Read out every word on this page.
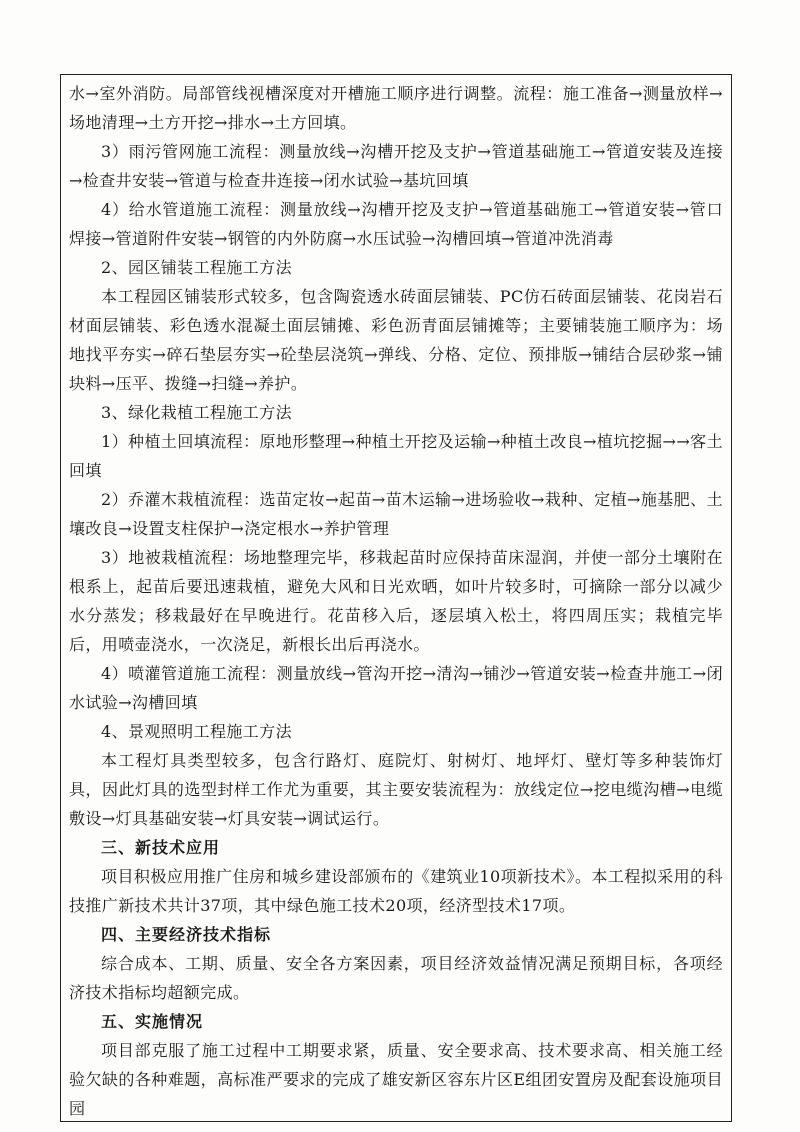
水→室外消防。局部管线视槽深度对开槽施工顺序进行调整。流程：施工准备→测量放样→场地清理→土方开挖→排水→土方回填。

3）雨污管网施工流程：测量放线→沟槽开挖及支护→管道基础施工→管道安装及连接→检查井安装→管道与检查井连接→闭水试验→基坑回填

4）给水管道施工流程：测量放线→沟槽开挖及支护→管道基础施工→管道安装→管口焊接→管道附件安装→钢管的内外防腐→水压试验→沟槽回填→管道冲洗消毒

2、园区铺装工程施工方法

本工程园区铺装形式较多，包含陶瓷透水砖面层铺装、PC仿石砖面层铺装、花岗岩石材面层铺装、彩色透水混凝土面层铺摊、彩色沥青面层铺摊等；主要铺装施工顺序为：场地找平夯实→碎石垫层夯实→砼垫层浇筑→弹线、分格、定位、预排版→铺结合层砂浆→铺块料→压平、拨缝→扫缝→养护。

3、绿化栽植工程施工方法

1）种植土回填流程：原地形整理→种植土开挖及运输→种植土改良→植坑挖掘→→客土回填

2）乔灌木栽植流程：选苗定妆→起苗→苗木运输→进场验收→栽种、定植→施基肥、土壤改良→设置支柱保护→浇定根水→养护管理

3）地被栽植流程：场地整理完毕，移栽起苗时应保持苗床湿润，并使一部分土壤附在根系上，起苗后要迅速栽植，避免大风和日光欢晒，如叶片较多时，可摘除一部分以减少水分蒸发；移栽最好在早晚进行。花苗移入后，逐层填入松土，将四周压实；栽植完毕后，用喷壶浇水，一次浇足，新根长出后再浇水。

4）喷灌管道施工流程：测量放线→管沟开挖→清沟→铺沙→管道安装→检查井施工→闭水试验→沟槽回填

4、景观照明工程施工方法

本工程灯具类型较多，包含行路灯、庭院灯、射树灯、地坪灯、壁灯等多种装饰灯具，因此灯具的选型封样工作尤为重要，其主要安装流程为：放线定位→挖电缆沟槽→电缆敷设→灯具基础安装→灯具安装→调试运行。

三、新技术应用

项目积极应用推广住房和城乡建设部颁布的《建筑业10项新技术》。本工程拟采用的科技推广新技术共计37项，其中绿色施工技术20项，经济型技术17项。

四、主要经济技术指标

综合成本、工期、质量、安全各方案因素，项目经济效益情况满足预期目标，各项经济技术指标均超额完成。

五、实施情况

项目部克服了施工过程中工期要求紧，质量、安全要求高、技术要求高、相关施工经验欠缺的各种难题，高标准严要求的完成了雄安新区容东片区E组团安置房及配套设施项目园
